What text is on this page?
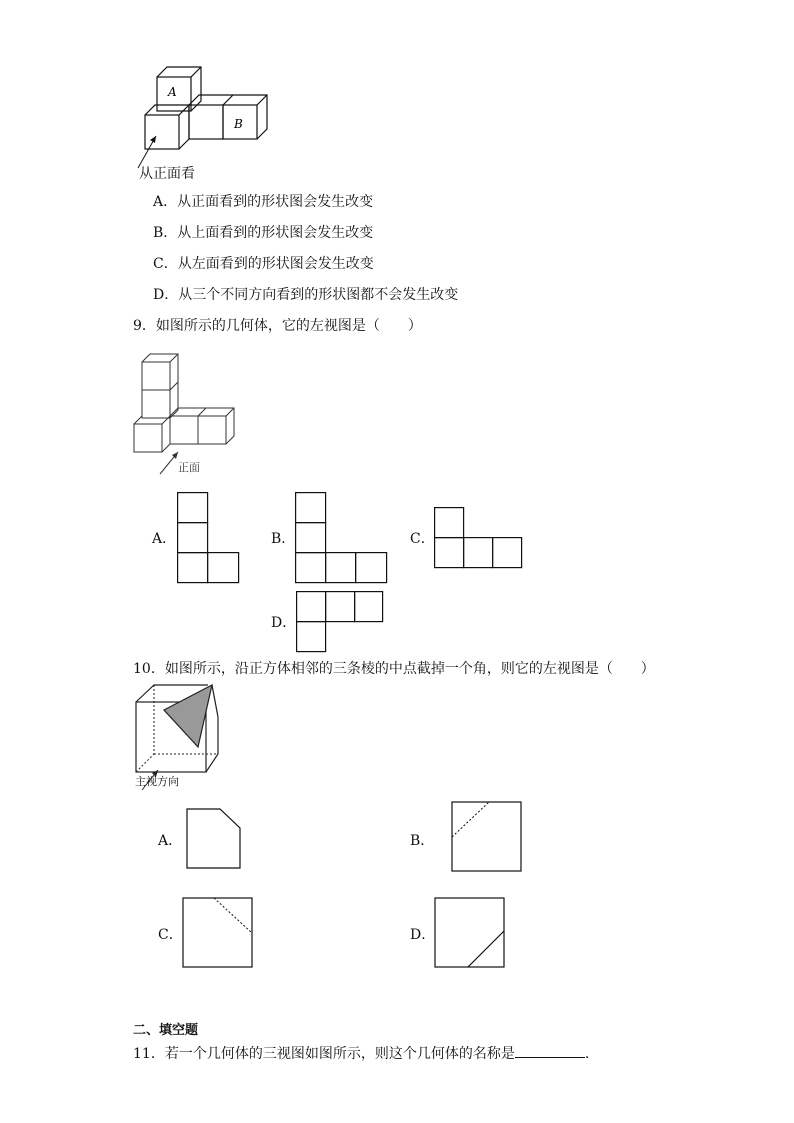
A
B
从正面看
A．从正面看到的形状图会发生改变
B．从上面看到的形状图会发生改变
C．从左面看到的形状图会发生改变
D．从三个不同方向看到的形状图都不会发生改变
9．如图所示的几何体，它的左视图是（　　）
正面
A．	B．	C．
D．
10．如图所示，沿正方体相邻的三条棱的中点截掉一个角，则它的左视图是（　　）
主视方向
A．	B．
C．	D．
二、填空题
11．若一个几何体的三视图如图所示，则这个几何体的名称是	.
